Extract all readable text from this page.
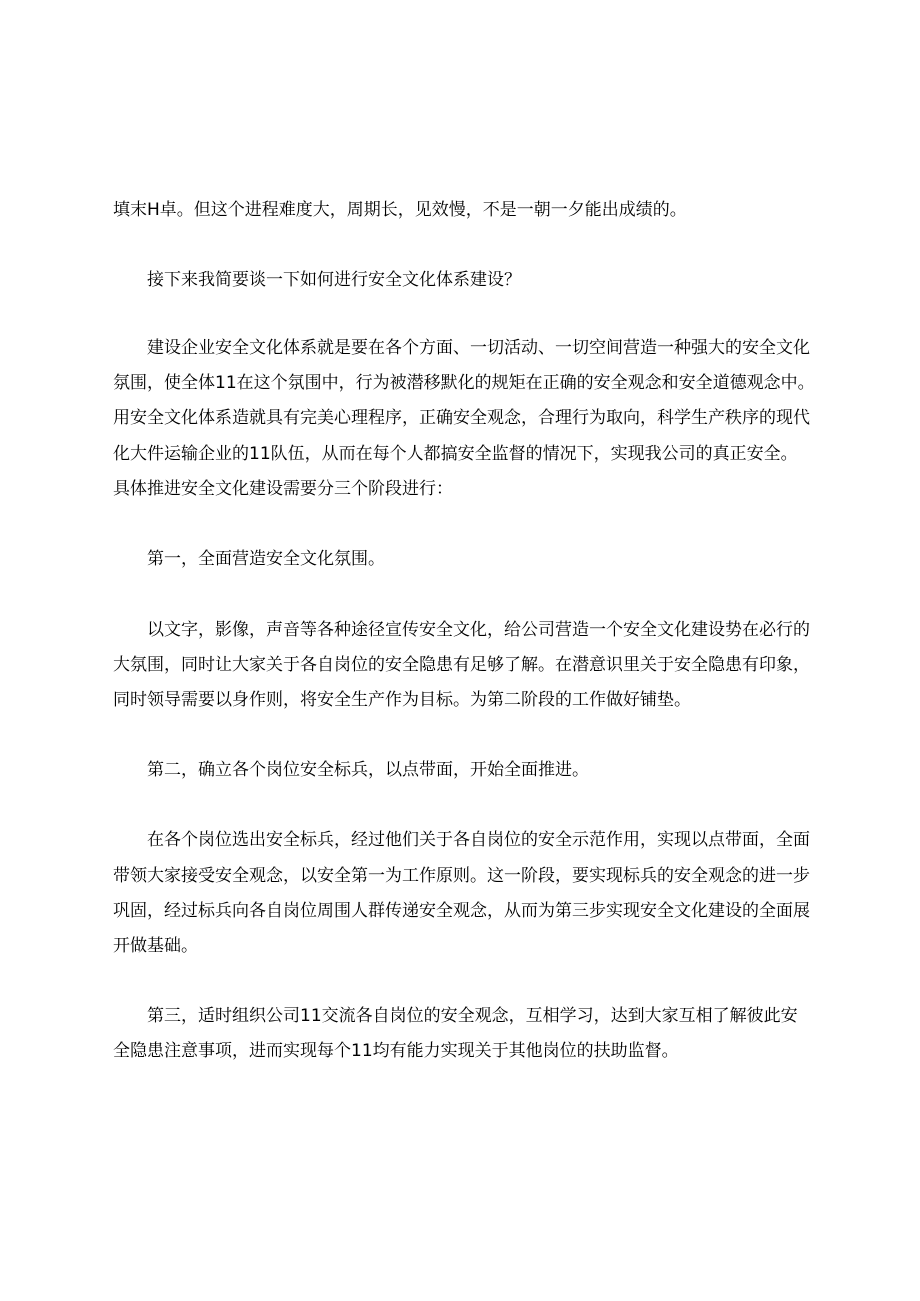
填末H卓。但这个进程难度大，周期长，见效慢，不是一朝一夕能出成绩的。
接下来我简要谈一下如何进行安全文化体系建设？
建设企业安全文化体系就是要在各个方面、一切活动、一切空间营造一种强大的安全文化
氛围，使全体11在这个氛围中，行为被潜移默化的规矩在正确的安全观念和安全道德观念中。
用安全文化体系造就具有完美心理程序，正确安全观念，合理行为取向，科学生产秩序的现代
化大件运输企业的11队伍，从而在每个人都搞安全监督的情况下，实现我公司的真正安全。
具体推进安全文化建设需要分三个阶段进行：
第一，全面营造安全文化氛围。
以文字，影像，声音等各种途径宣传安全文化，给公司营造一个安全文化建设势在必行的
大氛围，同时让大家关于各自岗位的安全隐患有足够了解。在潜意识里关于安全隐患有印象，
同时领导需要以身作则，将安全生产作为目标。为第二阶段的工作做好铺垫。
第二，确立各个岗位安全标兵，以点带面，开始全面推进。
在各个岗位选出安全标兵，经过他们关于各自岗位的安全示范作用，实现以点带面，全面
带领大家接受安全观念，以安全第一为工作原则。这一阶段，要实现标兵的安全观念的进一步
巩固，经过标兵向各自岗位周围人群传递安全观念，从而为第三步实现安全文化建设的全面展
开做基础。
第三，适时组织公司11交流各自岗位的安全观念，互相学习，达到大家互相了解彼此安
全隐患注意事项，进而实现每个11均有能力实现关于其他岗位的扶助监督。
